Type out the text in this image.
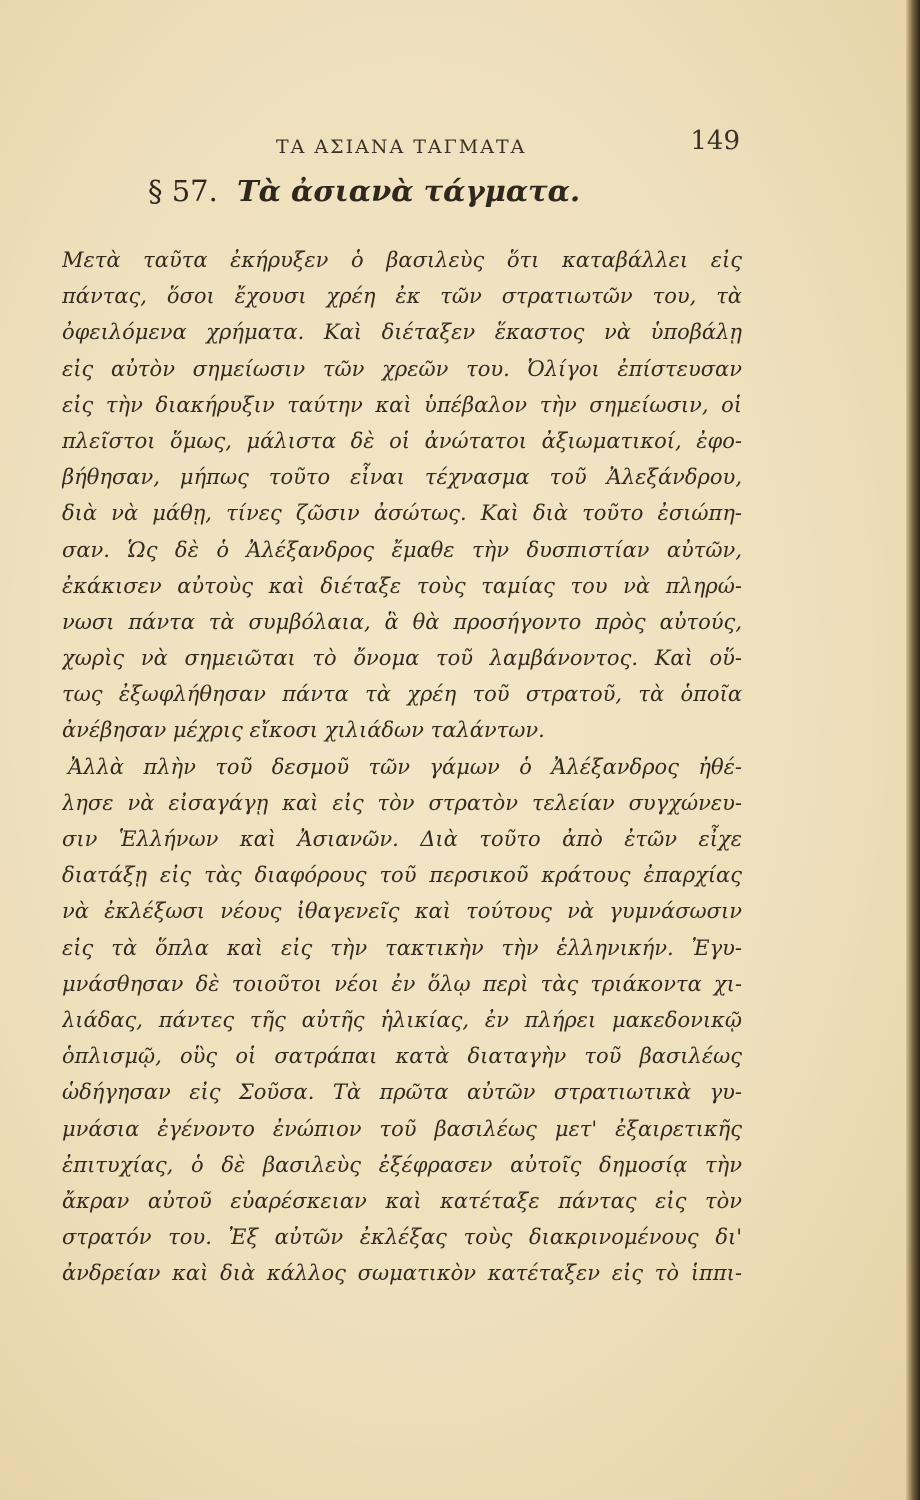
ΤΑ ΑΣΙΑΝΑ ΤΑΓΜΑΤΑ	149
§ 57. Τὰ ἀσιανὰ τάγματα.
Μετὰ ταῦτα ἐκήρυξεν ὁ βασιλεὺς ὅτι καταβάλλει εἰς
πάντας, ὅσοι ἔχουσι χρέη ἐκ τῶν στρατιωτῶν του, τὰ
ὀφειλόμενα χρήματα. Καὶ διέταξεν ἕκαστος νὰ ὑποβάλῃ
εἰς αὐτὸν σημείωσιν τῶν χρεῶν του. Ὀλίγοι ἐπίστευσαν
εἰς τὴν διακήρυξιν ταύτην καὶ ὑπέβαλον τὴν σημείωσιν, οἱ
πλεῖστοι ὅμως, μάλιστα δὲ οἱ ἀνώτατοι ἀξιωματικοί, ἐφο-
βήθησαν, μήπως τοῦτο εἶναι τέχνασμα τοῦ Ἀλεξάνδρου,
διὰ νὰ μάθῃ, τίνες ζῶσιν ἀσώτως. Καὶ διὰ τοῦτο ἐσιώπη-
σαν. Ὡς δὲ ὁ Ἀλέξανδρος ἔμαθε τὴν δυσπιστίαν αὐτῶν,
ἐκάκισεν αὐτοὺς καὶ διέταξε τοὺς ταμίας του νὰ πληρώ-
νωσι πάντα τὰ συμβόλαια, ἃ θὰ προσήγοντο πρὸς αὐτούς,
χωρὶς νὰ σημειῶται τὸ ὄνομα τοῦ λαμβάνοντος. Καὶ οὕ-
τως ἐξωφλήθησαν πάντα τὰ χρέη τοῦ στρατοῦ, τὰ ὁποῖα
ἀνέβησαν μέχρις εἴκοσι χιλιάδων ταλάντων.
Ἀλλὰ πλὴν τοῦ δεσμοῦ τῶν γάμων ὁ Ἀλέξανδρος ἠθέ-
λησε νὰ εἰσαγάγῃ καὶ εἰς τὸν στρατὸν τελείαν συγχώνευ-
σιν Ἑλλήνων καὶ Ἀσιανῶν. Διὰ τοῦτο ἀπὸ ἐτῶν εἶχε
διατάξῃ εἰς τὰς διαφόρους τοῦ περσικοῦ κράτους ἐπαρχίας
νὰ ἐκλέξωσι νέους ἰθαγενεῖς καὶ τούτους νὰ γυμνάσωσιν
εἰς τὰ ὅπλα καὶ εἰς τὴν τακτικὴν τὴν ἑλληνικήν. Ἐγυ-
μνάσθησαν δὲ τοιοῦτοι νέοι ἐν ὅλῳ περὶ τὰς τριάκοντα χι-
λιάδας, πάντες τῆς αὐτῆς ἡλικίας, ἐν πλήρει μακεδονικῷ
ὁπλισμῷ, οὓς οἱ σατράπαι κατὰ διαταγὴν τοῦ βασιλέως
ὡδήγησαν εἰς Σοῦσα. Τὰ πρῶτα αὐτῶν στρατιωτικὰ γυ-
μνάσια ἐγένοντο ἐνώπιον τοῦ βασιλέως μετ' ἐξαιρετικῆς
ἐπιτυχίας, ὁ δὲ βασιλεὺς ἐξέφρασεν αὐτοῖς δημοσίᾳ τὴν
ἄκραν αὐτοῦ εὐαρέσκειαν καὶ κατέταξε πάντας εἰς τὸν
στρατόν του. Ἐξ αὐτῶν ἐκλέξας τοὺς διακρινομένους δι'
ἀνδρείαν καὶ διὰ κάλλος σωματικὸν κατέταξεν εἰς τὸ ἱππι-
